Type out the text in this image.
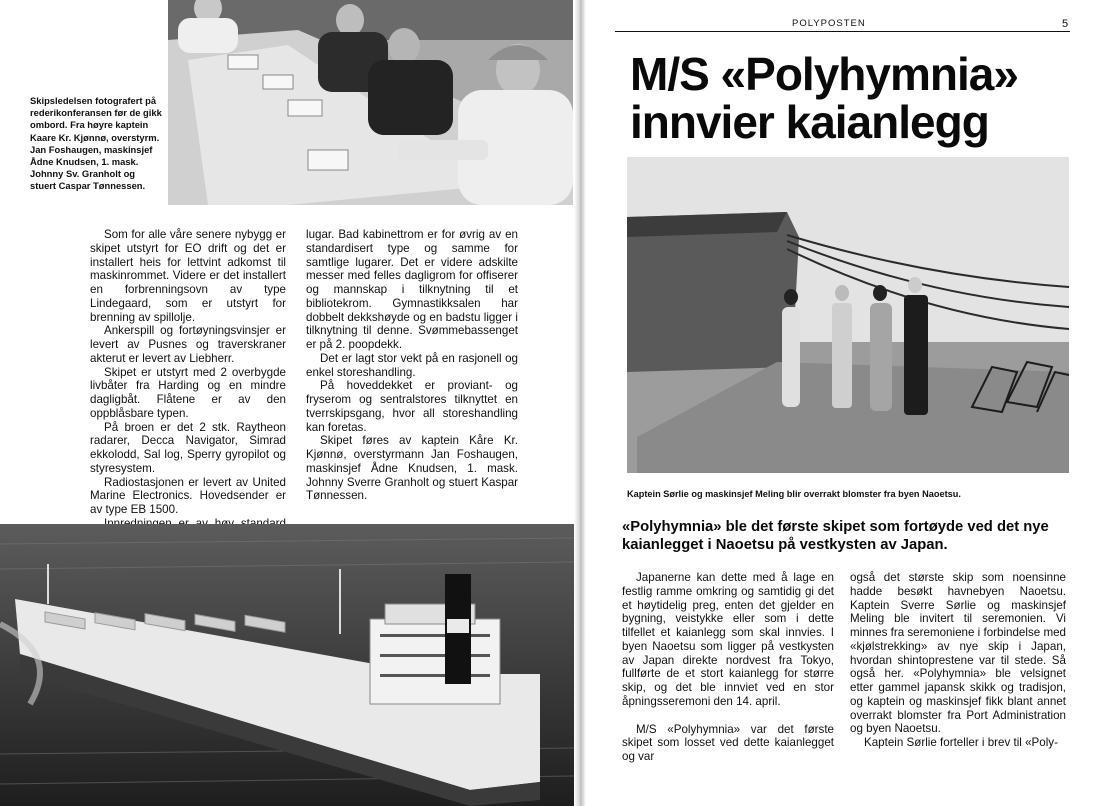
Skipsledelsen fotografert på rederikonferansen før de gikk ombord. Fra høyre kaptein Kaare Kr. Kjønnø, overstyrm. Jan Foshaugen, maskinsjef Ådne Knudsen, 1. mask. Johnny Sv. Granholt og stuert Caspar Tønnessen.

Som for alle våre senere nybygg er skipet utstyrt for EO drift og det er installert heis for lettvint adkomst til maskinrommet. Videre er det installert en forbrenningsovn av type Lindegaard, som er utstyrt for brenning av spillolje.

Ankerspill og fortøyningsvinsjer er levert av Pusnes og traverskraner akterut er levert av Liebherr.

Skipet er utstyrt med 2 overbygde livbåter fra Harding og en mindre dagligbåt. Flåtene er av den oppblåsbare typen.

På broen er det 2 stk. Raytheon radarer, Decca Navigator, Simrad ekkolodd, Sal log, Sperry gyropilot og styresystem.

Radiostasjonen er levert av United Marine Electronics. Hovedsender er av type EB 1500.

lugar. Bad kabinettrom er for øvrig av en standardisert type og samme for samtlige lugarer. Det er videre adskilte messer med felles dagligrom for offiserer og mannskap i tilknytning til et bibliotekrom. Gymnastikksalen har dobbelt dekkshøyde og en badstu ligger i tilknytning til denne. Svømmebassenget er på 2. poopdekk.

Det er lagt stor vekt på en rasjonell og enkel storeshandling.

På hoveddekket er proviant- og fryserom og sentralstores tilknyttet en tverrskipsgang, hvor all storeshandling kan foretas.

Skipet føres av kaptein Kåre Kr. Kjønnø, overstyrmann Jan Foshaugen, maskinsjef Ådne Knudsen, 1. mask. Johnny Sverre Granholt og stuert Kaspar Tønnessen.

POLYPOSTEN	5
M/S «Polyhymnia»
innvier kaianlegg
Kaptein Sørlie og maskinsjef Meling blir overrakt blomster fra byen Naoetsu.
«Polyhymnia» ble det første skipet som fortøyde ved det nye kaianlegget i Naoetsu på vestkysten av Japan.

Japanerne kan dette med å lage en festlig ramme omkring og samtidig gi det et høytidelig preg, enten det gjelder en bygning, veistykke eller som i dette tilfellet et kaianlegg som skal innvies. I byen Naoetsu som ligger på vestkysten av Japan direkte nordvest fra Tokyo, fullførte de et stort kaianlegg for større skip, og det ble innviet ved en stor åpningsseremoni den 14. april.

M/S «Polyhymnia» var det første skipet som losset ved dette kaianlegget og var

også det største skip som noensinne hadde besøkt havnebyen Naoetsu. Kaptein Sverre Sørlie og maskinsjef Meling ble invitert til seremonien. Vi minnes fra seremoniene i forbindelse med «kjølstrekking» av nye skip i Japan, hvordan shintoprestene var til stede. Så også her. «Polyhymnia» ble velsignet etter gammel japansk skikk og tradisjon, og kaptein og maskinsjef fikk blant annet overrakt blomster fra Port Administration og byen Naoetsu.

Kaptein Sørlie forteller i brev til «Poly-
